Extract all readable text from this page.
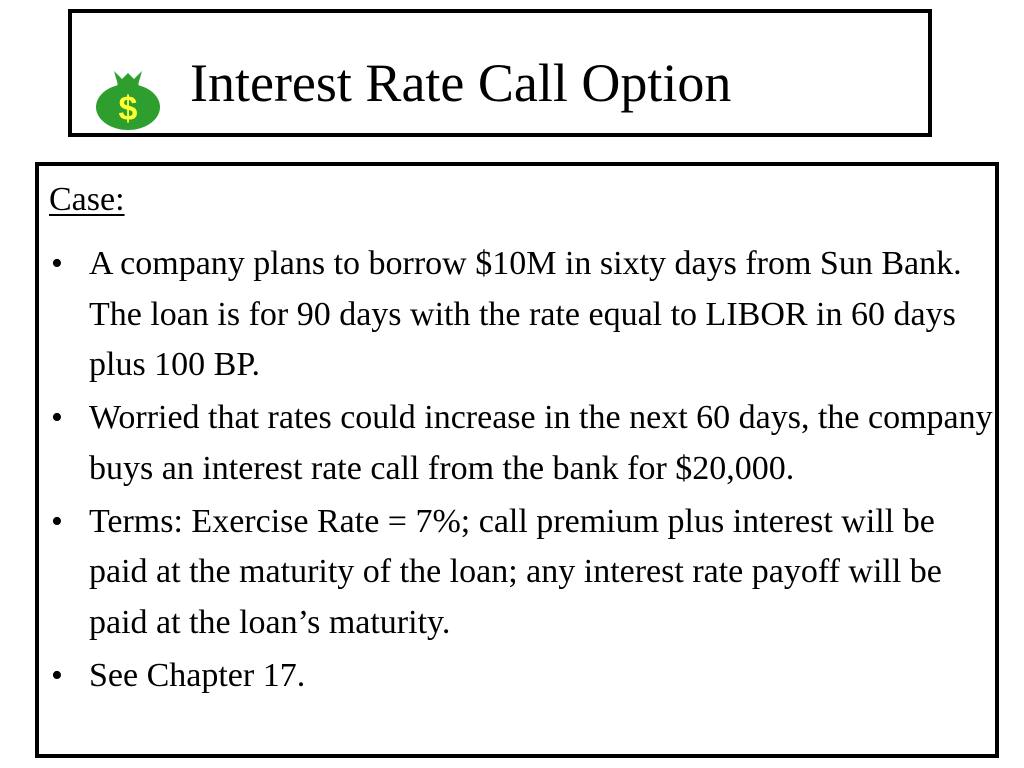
$ Interest Rate Call Option
Case:
• A company plans to borrow $10M in sixty days from Sun Bank. The loan is for 90 days with the rate equal to LIBOR in 60 days plus 100 BP.
• Worried that rates could increase in the next 60 days, the company buys an interest rate call from the bank for $20,000.
• Terms: Exercise Rate = 7%; call premium plus interest will be paid at the maturity of the loan; any interest rate payoff will be paid at the loan’s maturity.
• See Chapter 17.
